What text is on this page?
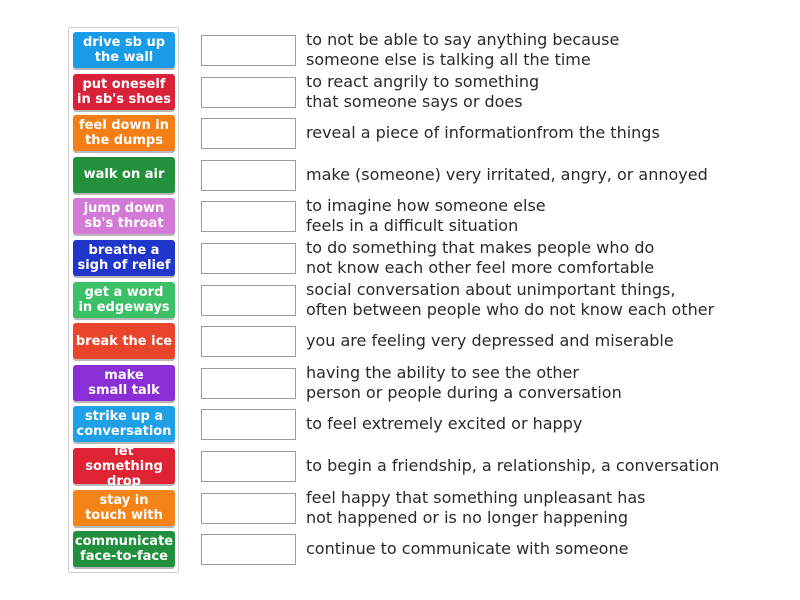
drive sb up
the wall
put oneself
in sb's shoes
feel down in
the dumps
walk on air
jump down
sb's throat
breathe a
sigh of relief
get a word
in edgeways
break the ice
make
small talk
strike up a
conversation
let something
drop
stay in
touch with
communicate
face-to-face
to not be able to say anything because
someone else is talking all the time
to react angrily to something
that someone says or does
reveal a piece of informationfrom the things
make (someone) very irritated, angry, or annoyed
to imagine how someone else
feels in a difficult situation
to do something that makes people who do
not know each other feel more comfortable
social conversation about unimportant things,
often between people who do not know each other
you are feeling very depressed and miserable
having the ability to see the other
person or people during a conversation
to feel extremely excited or happy
to begin a friendship, a relationship, a conversation
feel happy that something unpleasant has
not happened or is no longer happening
continue to communicate with someone
